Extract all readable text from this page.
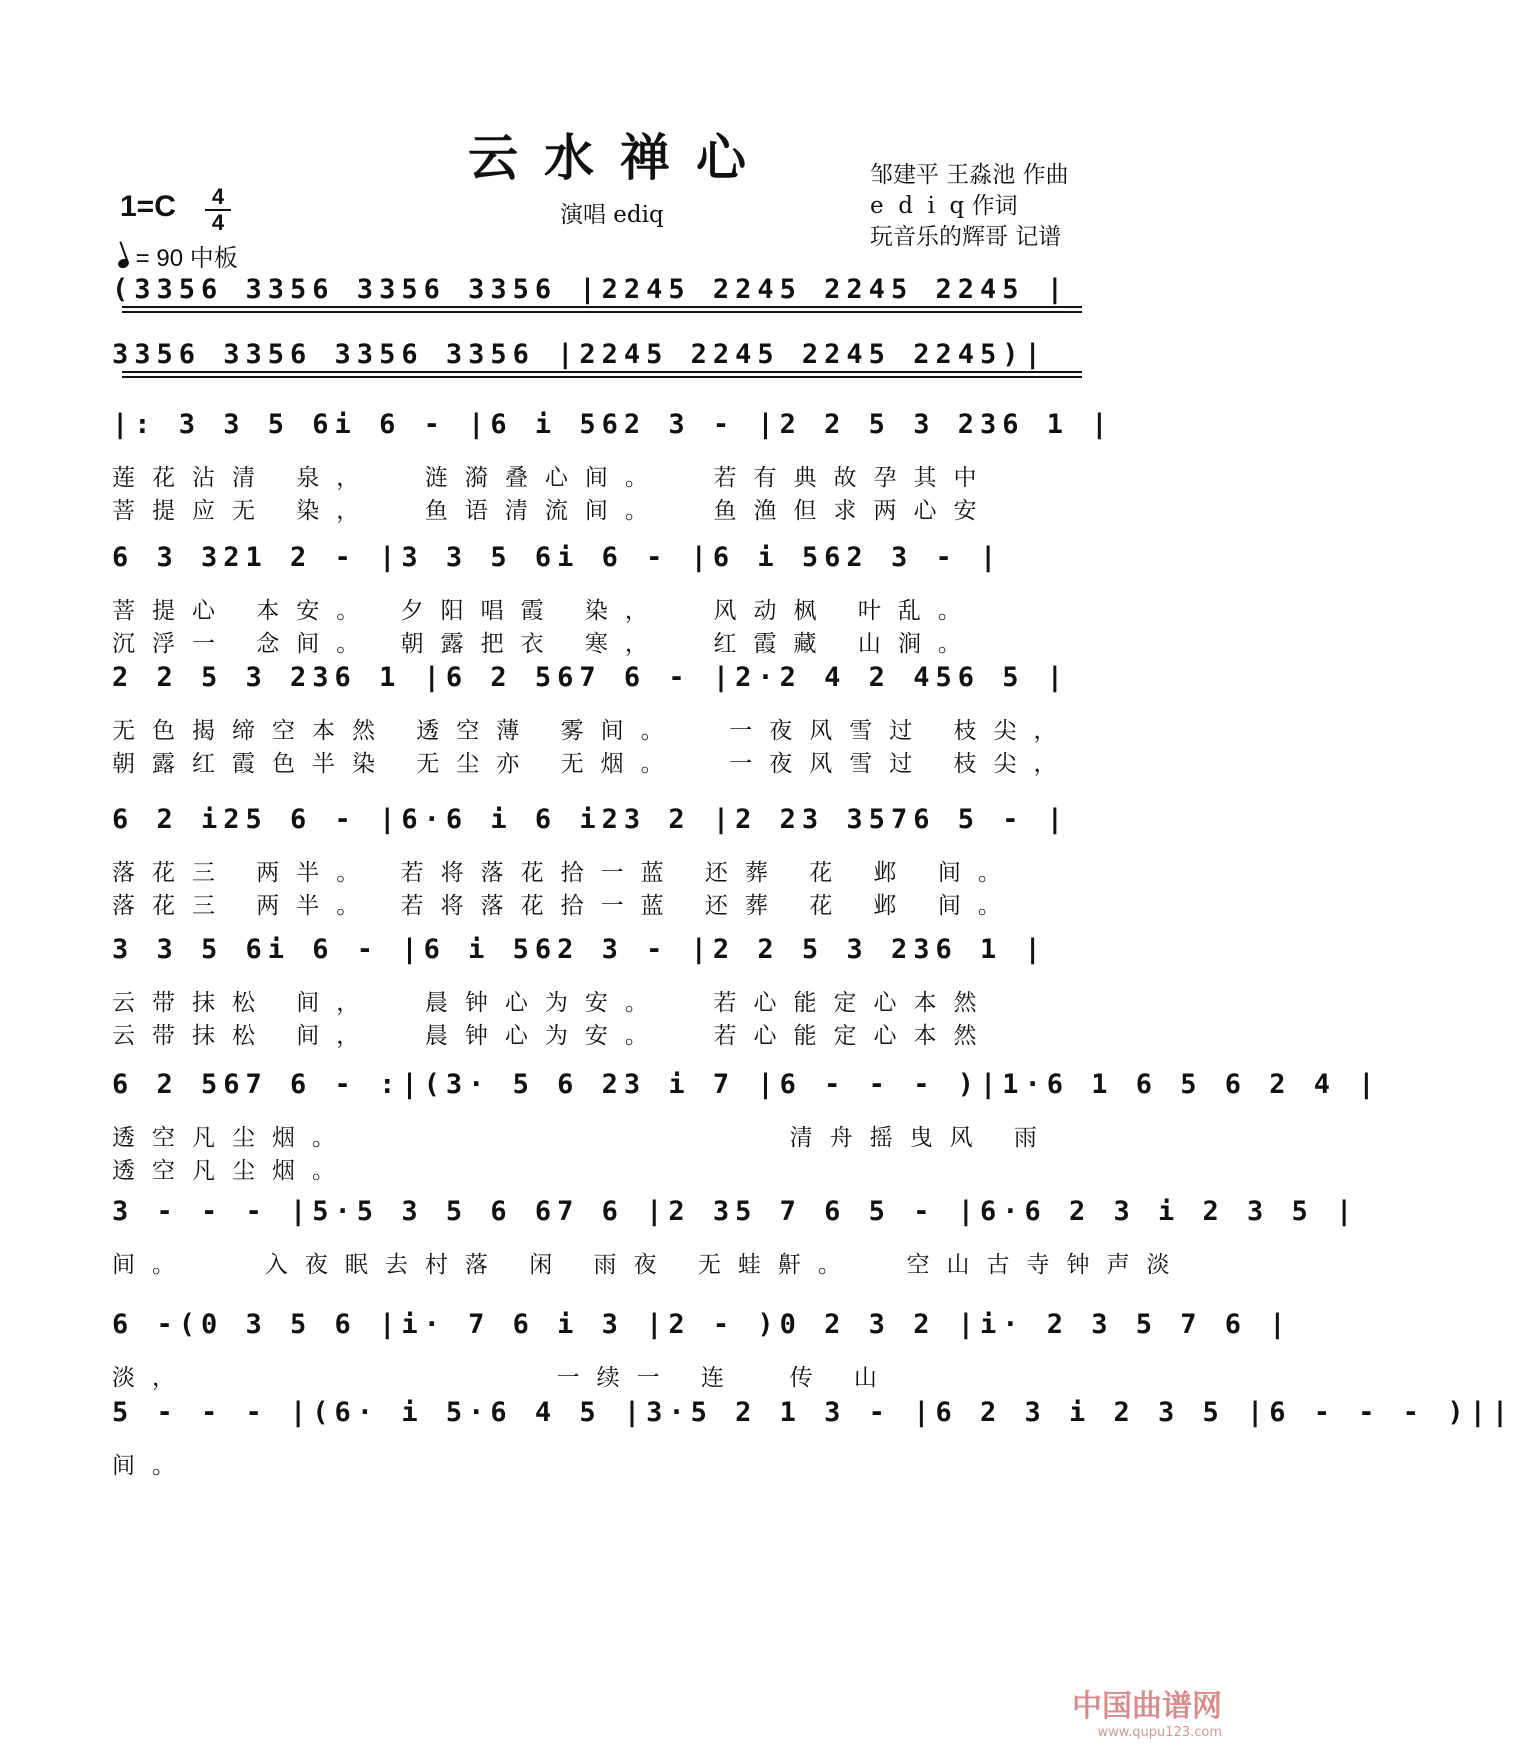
云水禅心
1=C	4
4
= 90 中板
演唱 ediq
邹建平 王淼池 作曲
e  d  i  q 作词
玩音乐的辉哥 记谱
(3356 3356 3356 3356 |2245 2245 2245 2245 |
3356 3356 3356 3356 |2245 2245 2245 2245)|
|: 3 3 5 6i 6 - |6 i 562 3 - |2 2 5 3 236 1 |
莲花沾清 泉，  涟漪叠心间。  若有典故孕其中
菩提应无 染，  鱼语清流间。  鱼渔但求两心安
6 3 321 2 - |3 3 5 6i 6 - |6 i 562 3 - |
菩提心 本安。 夕阳唱霞 染，  风动枫 叶乱。
沉浮一 念间。 朝露把衣 寒，  红霞藏 山涧。
2 2 5 3 236 1 |6 2 567 6 - |2·2 4 2 456 5 |
无色揭缔空本然 透空薄 雾间。  一夜风雪过 枝尖，
朝露红霞色半染 无尘亦 无烟。  一夜风雪过 枝尖，
6 2 i25 6 - |6·6 i 6 i23 2 |2 23 3576 5 - |
落花三 两半。 若将落花拾一蓝 还葬 花 邺 间。
落花三 两半。 若将落花拾一蓝 还葬 花 邺 间。
3 3 5 6i 6 - |6 i 562 3 - |2 2 5 3 236 1 |
云带抹松 间，  晨钟心为安。  若心能定心本然
云带抹松 间，  晨钟心为安。  若心能定心本然
6 2 567 6 - :|(3· 5 6 23 i 7 |6 - - - )|1·6 1 6 5 6 2 4 |
透空凡尘烟。                  清舟摇曳风 雨
透空凡尘烟。
3 - - - |5·5 3 5 6 67 6 |2 35 7 6 5 - |6·6 2 3 i 2 3 5 |
间。   入夜眠去村落 闲 雨夜 无蛙鼾。  空山古寺钟声淡
6 -(0 3 5 6 |i· 7 6 i 3 |2 - )0 2 3 2 |i· 2 3 5 7 6 |
淡，               一续一 连  传 山
5 - - - |(6· i 5·6 4 5 |3·5 2 1 3 - |6 2 3 i 2 3 5 |6 - - - )||
间。
中国曲谱网
www.qupu123.com
